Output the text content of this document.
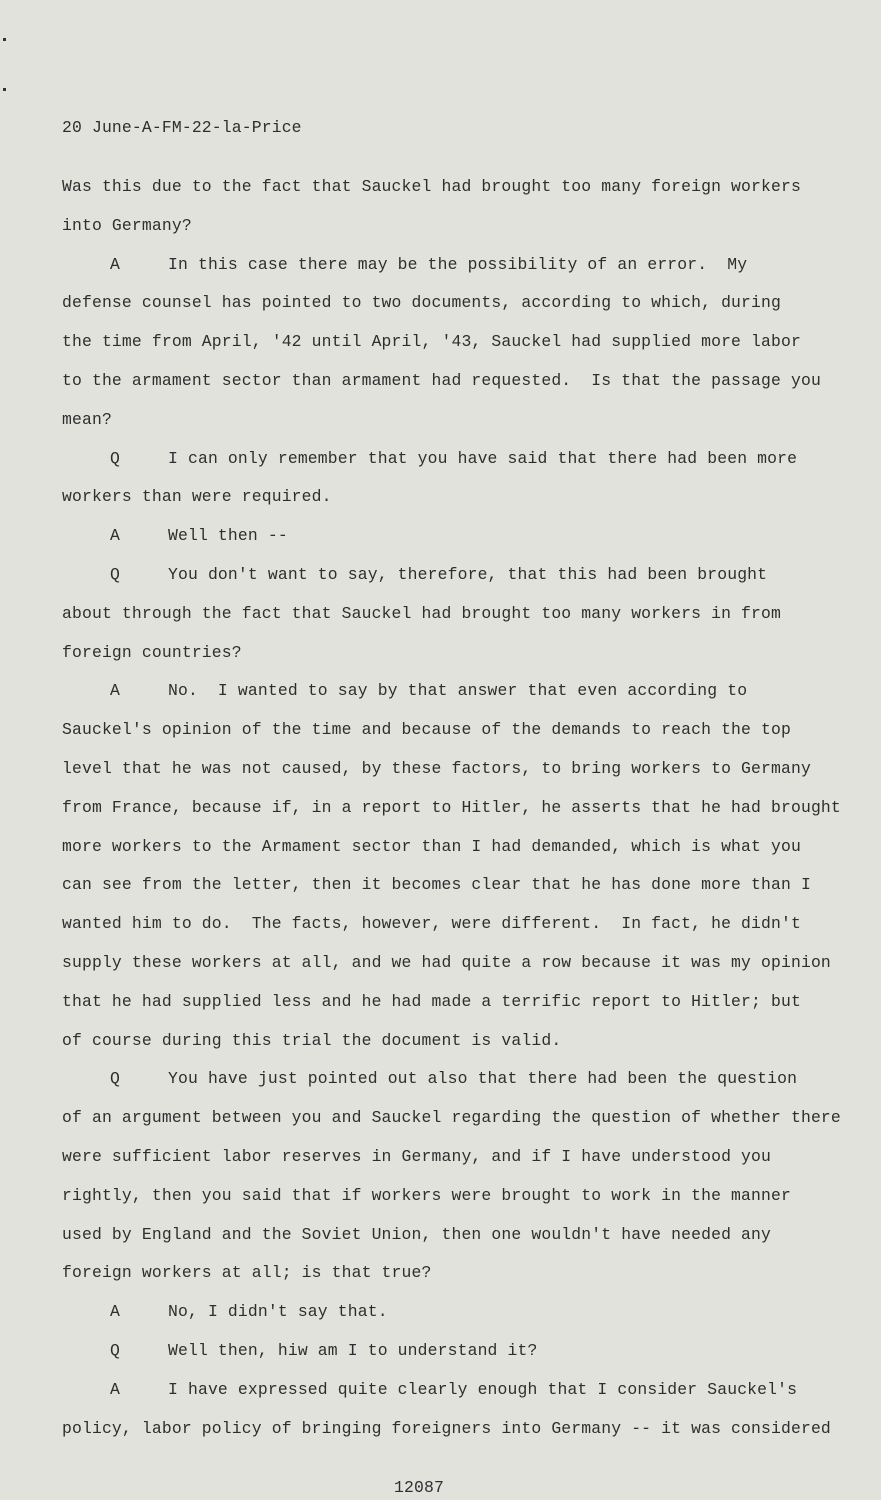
20 June-A-FM-22-la-Price
Was this due to the fact that Sauckel had brought too many foreign workers
into Germany?
A	In this case there may be the possibility of an error.  My
defense counsel has pointed to two documents, according to which, during
the time from April, '42 until April, '43, Sauckel had supplied more labor
to the armament sector than armament had requested.  Is that the passage you
mean?
Q	I can only remember that you have said that there had been more
workers than were required.
A	Well then --
Q	You don't want to say, therefore, that this had been brought
about through the fact that Sauckel had brought too many workers in from
foreign countries?
A	No.  I wanted to say by that answer that even according to
Sauckel's opinion of the time and because of the demands to reach the top
level that he was not caused, by these factors, to bring workers to Germany
from France, because if, in a report to Hitler, he asserts that he had brought
more workers to the Armament sector than I had demanded, which is what you
can see from the letter, then it becomes clear that he has done more than I
wanted him to do.  The facts, however, were different.  In fact, he didn't
supply these workers at all, and we had quite a row because it was my opinion
that he had supplied less and he had made a terrific report to Hitler; but
of course during this trial the document is valid.
Q	You have just pointed out also that there had been the question
of an argument between you and Sauckel regarding the question of whether there
were sufficient labor reserves in Germany, and if I have understood you
rightly, then you said that if workers were brought to work in the manner
used by England and the Soviet Union, then one wouldn't have needed any
foreign workers at all; is that true?
A	No, I didn't say that.
Q	Well then, hiw am I to understand it?
A	I have expressed quite clearly enough that I consider Sauckel's
policy, labor policy of bringing foreigners into Germany -- it was considered
12087
